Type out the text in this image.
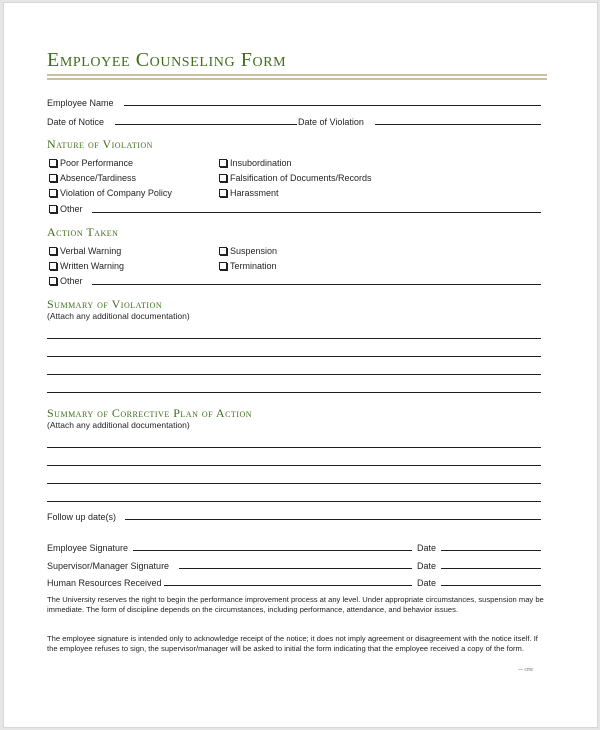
Employee Counseling Form
Employee Name
Date of Notice	Date of Violation
Nature of Violation
Poor Performance
Absence/Tardiness
Violation of Company Policy
Insubordination
Falsification of Documents/Records
Harassment
Other
Action Taken
Verbal Warning
Written Warning
Suspension
Termination
Other
Summary of Violation
(Attach any additional documentation)
Summary of Corrective Plan of Action
(Attach any additional documentation)
Follow up date(s)
Employee Signature	Date
Supervisor/Manager Signature	Date
Human Resources Received	Date
The University reserves the right to begin the performance improvement process at any level. Under appropriate circumstances, suspension may be immediate. The form of discipline depends on the circumstances, including performance, attendance, and behavior issues.
The employee signature is intended only to acknowledge receipt of the notice; it does not imply agreement or disagreement with the notice itself. If the employee refuses to sign, the supervisor/manager will be asked to initial the form indicating that the employee received a copy of the form.
— cmc
